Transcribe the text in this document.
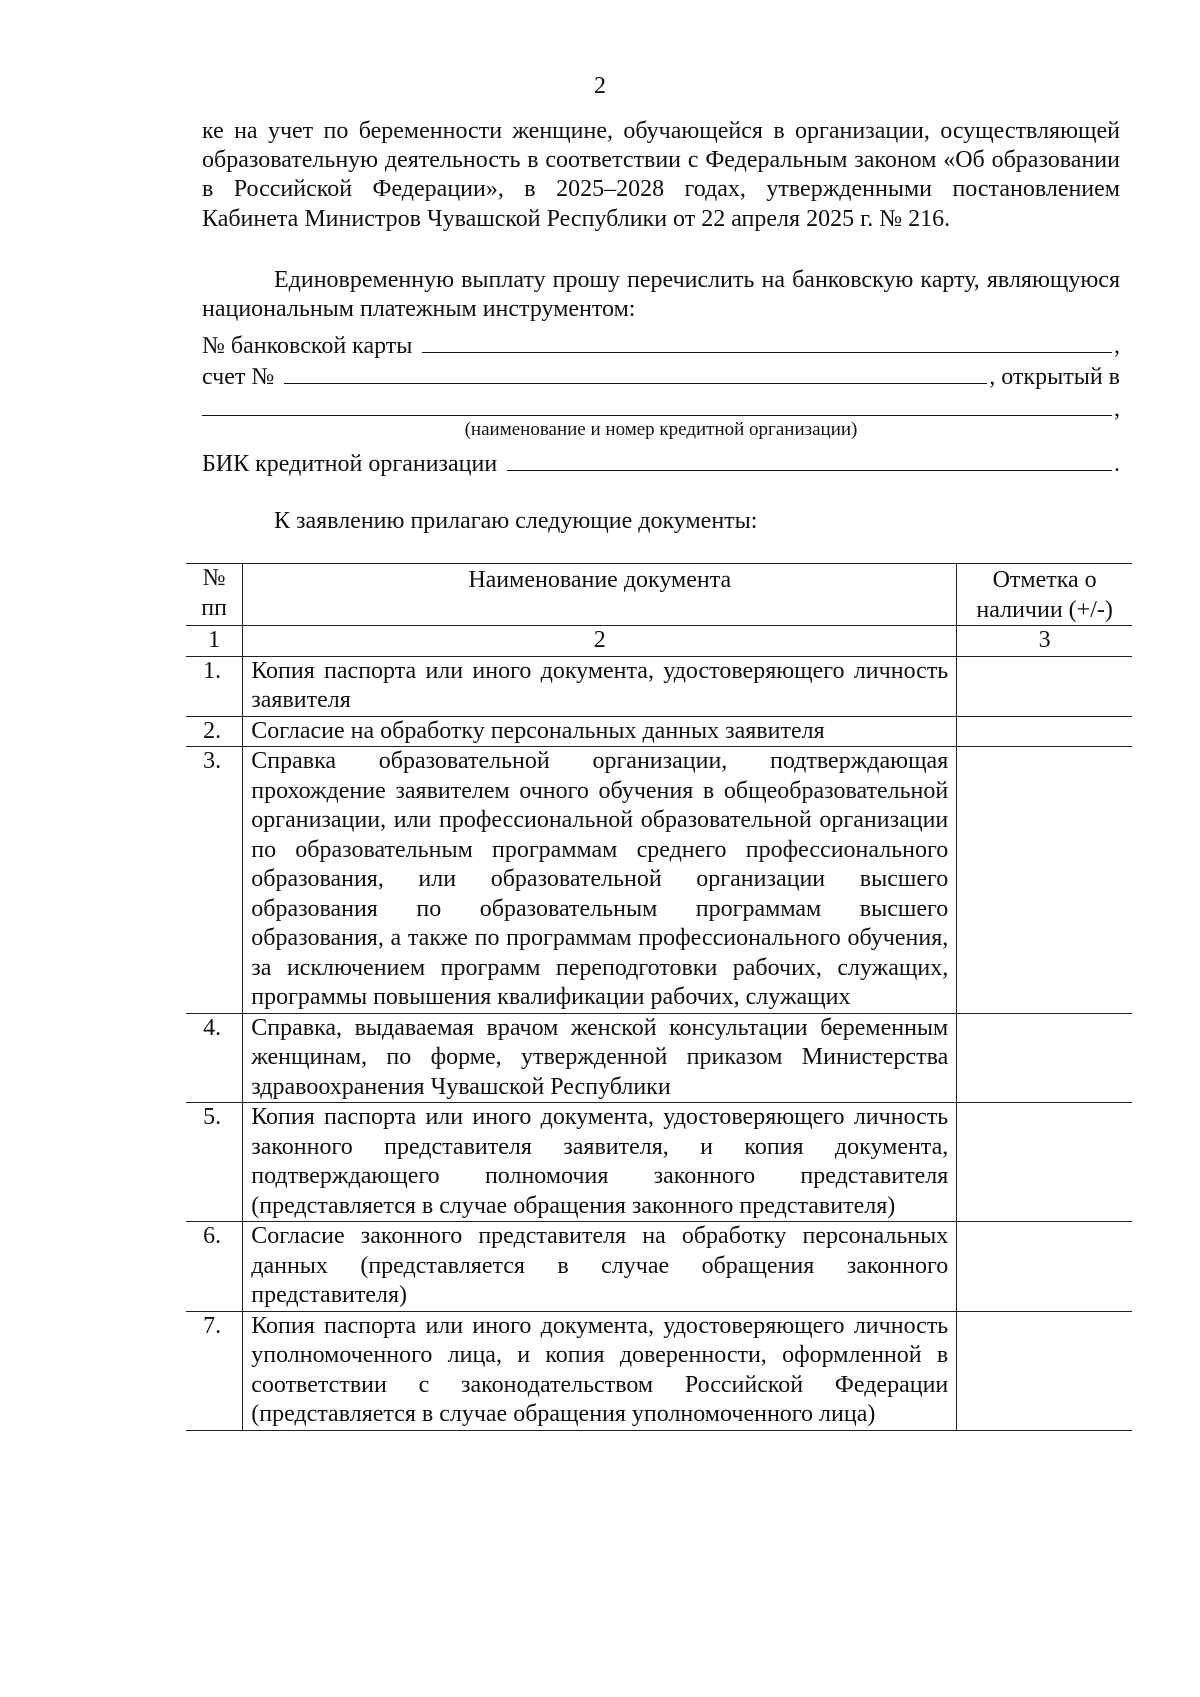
2

ке на учет по беременности женщине, обучающейся в организации, осуществляющей образовательную деятельность в соответствии с Федеральным законом «Об образовании в Российской Федерации», в 2025–2028 годах, утвержденными постановлением Кабинета Министров Чувашской Республики от 22 апреля 2025 г. № 216.

Единовременную выплату прошу перечислить на банковскую карту, являющуюся национальным платежным инструментом:

№ банковской карты	,
счет №	, открытый в
,
(наименование и номер кредитной организации)
БИК кредитной организации	.
К заявлению прилагаю следующие документы:
№ пп	Наименование документа	Отметка о наличии (+/-)
1	2	3
1.	Копия паспорта или иного документа, удостоверяющего личность заявителя	
2.	Согласие на обработку персональных данных заявителя	
3.	Справка образовательной организации, подтверждающая прохождение заявителем очного обучения в общеобразовательной организации, или профессиональной образовательной организации по образовательным программам среднего профессионального образования, или образовательной организации высшего образования по образовательным программам высшего образования, а также по программам профессионального обучения, за исключением программ переподготовки рабочих, служащих, программы повышения квалификации рабочих, служащих	
4.	Справка, выдаваемая врачом женской консультации беременным женщинам, по форме, утвержденной приказом Министерства здравоохранения Чувашской Республики	
5.	Копия паспорта или иного документа, удостоверяющего личность законного представителя заявителя, и копия документа, подтверждающего полномочия законного представителя (представляется в случае обращения законного представителя)	
6.	Согласие законного представителя на обработку персональных данных (представляется в случае обращения законного представителя)	
7.	Копия паспорта или иного документа, удостоверяющего личность уполномоченного лица, и копия доверенности, оформленной в соответствии с законодательством Российской Федерации (представляется в случае обращения уполномоченного лица)	
